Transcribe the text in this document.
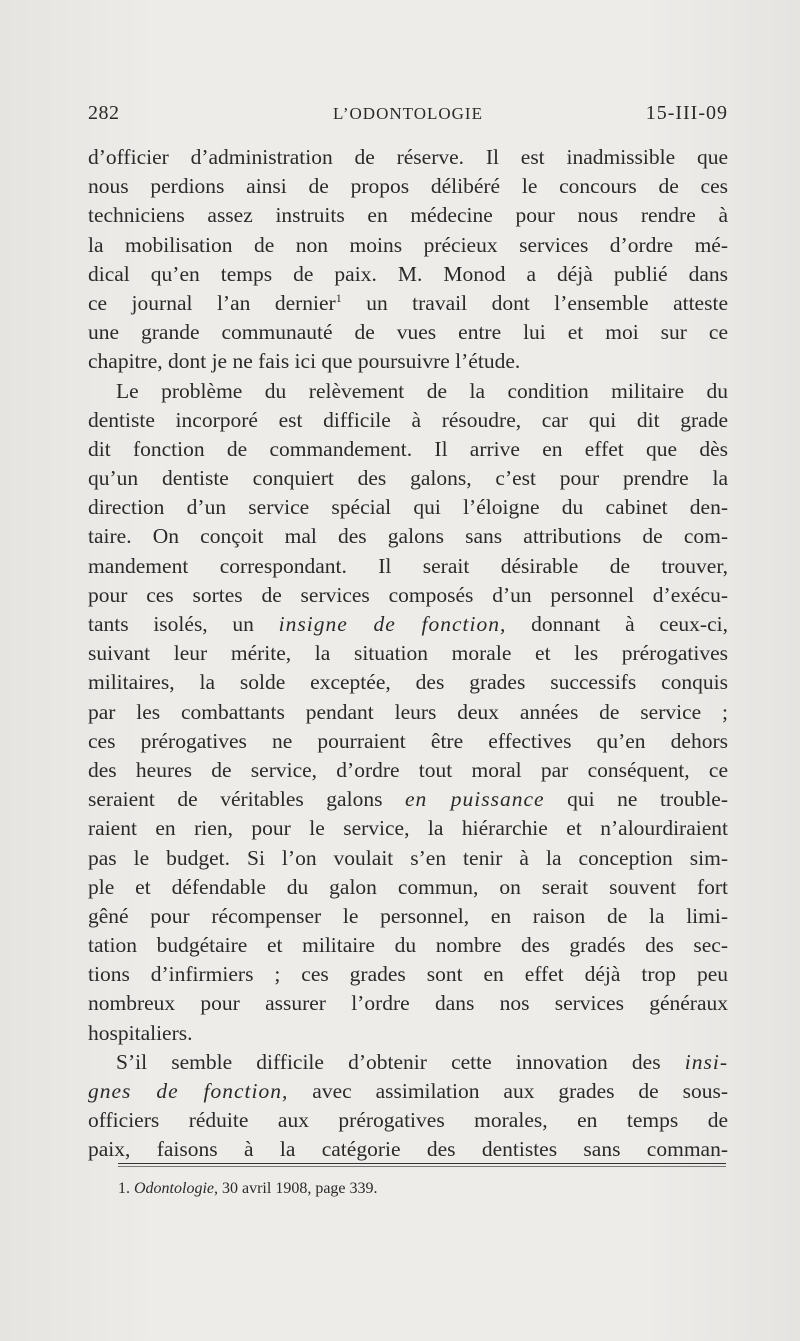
282	L’ODONTOLOGIE	15-III-09
d’officier d’administration de réserve. Il est inadmissible que
nous perdions ainsi de propos délibéré le concours de ces
techniciens assez instruits en médecine pour nous rendre à
la mobilisation de non moins précieux services d’ordre mé-
dical qu’en temps de paix. M. Monod a déjà publié dans
ce journal l’an dernier$^1$ un travail dont l’ensemble atteste
une grande communauté de vues entre lui et moi sur ce
chapitre, dont je ne fais ici que poursuivre l’étude.
Le problème du relèvement de la condition militaire du
dentiste incorporé est difficile à résoudre, car qui dit grade
dit fonction de commandement. Il arrive en effet que dès
qu’un dentiste conquiert des galons, c’est pour prendre la
direction d’un service spécial qui l’éloigne du cabinet den-
taire. On conçoit mal des galons sans attributions de com-
mandement correspondant. Il serait désirable de trouver,
pour ces sortes de services composés d’un personnel d’exécu-
tants isolés, un insigne de fonction, donnant à ceux-ci,
suivant leur mérite, la situation morale et les prérogatives
militaires, la solde exceptée, des grades successifs conquis
par les combattants pendant leurs deux années de service ;
ces prérogatives ne pourraient être effectives qu’en dehors
des heures de service, d’ordre tout moral par conséquent, ce
seraient de véritables galons en puissance qui ne trouble-
raient en rien, pour le service, la hiérarchie et n’alourdiraient
pas le budget. Si l’on voulait s’en tenir à la conception sim-
ple et défendable du galon commun, on serait souvent fort
gêné pour récompenser le personnel, en raison de la limi-
tation budgétaire et militaire du nombre des gradés des sec-
tions d’infirmiers ; ces grades sont en effet déjà trop peu
nombreux pour assurer l’ordre dans nos services généraux
hospitaliers.
S’il semble difficile d’obtenir cette innovation des insi-
gnes de fonction, avec assimilation aux grades de sous-
officiers réduite aux prérogatives morales, en temps de
paix, faisons à la catégorie des dentistes sans comman-
1. Odontologie, 30 avril 1908, page 339.
